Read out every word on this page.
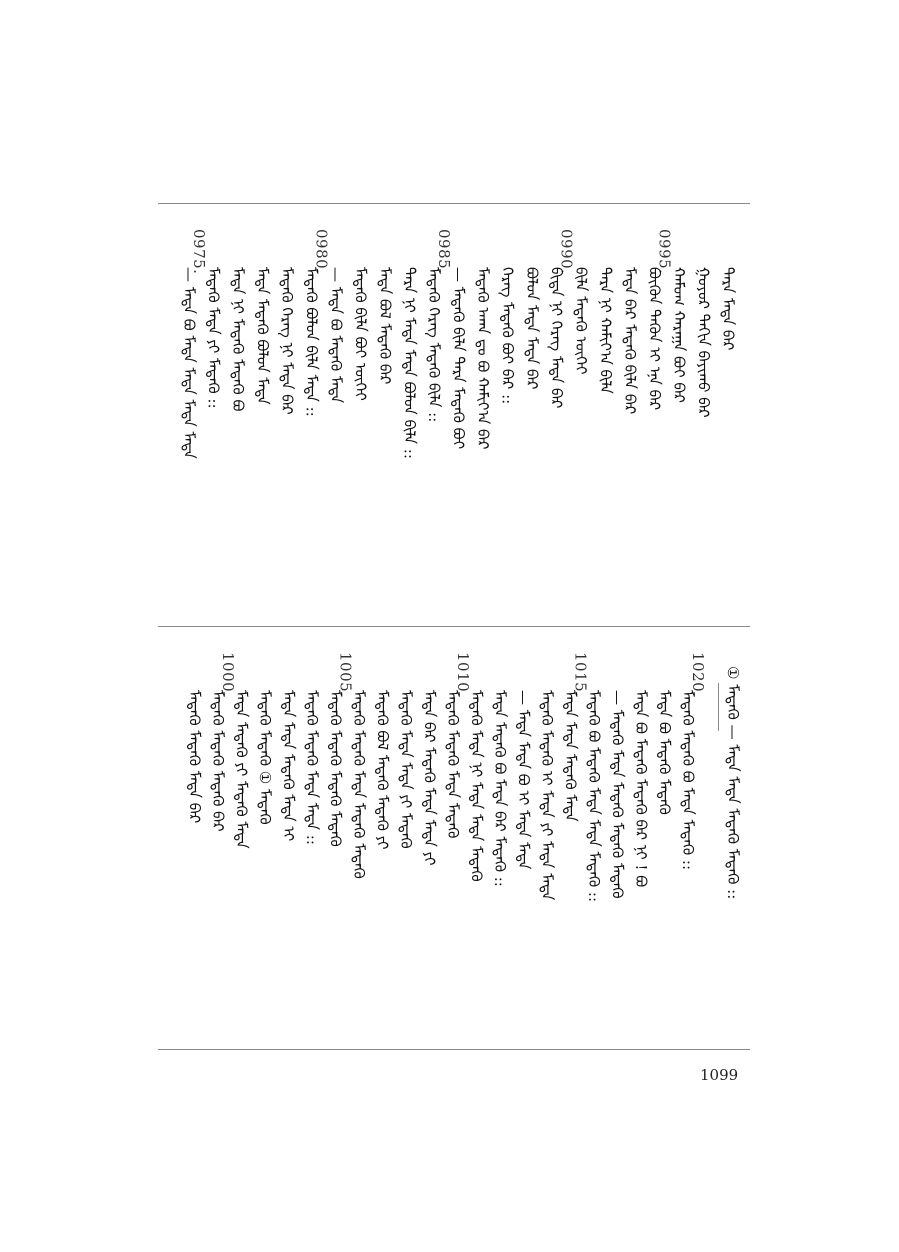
ᠲᠡᠷᠡ ᠮᠡᠳᠡ ᠪᠠᠷ
ᠭᠤᠶᠤᠷ ᠳᠠᠬᠢᠨ ᠪᠠᠶᠢᠬᠤ ᠪᠠᠷ
ᠬᠠᠮᠤᠭ ᠬᠠᠷᠠᠭᠠ ᠪᠤᠢ ᠪᠠᠷ
0995.
ᠪᠦᠬᠦᠨ ᠲᠡᠭᠦᠨ ᠢ ᠡᠨᠡ ᠪᠡᠷ
ᠮᠡᠳᠡ ᠪᠡᠷ ᠮᠡᠳᠡᠬᠦ ᠪᠢᠯᠡ ᠪᠠᠷ
ᠲᠡᠷᠡ ᠨᠢ ᠬᠠᠮᠢᠶ᠎ᠠ ᠪᠢᠯᠡ
ᠪᠢᠯᠡ ᠮᠡᠳᠡᠬᠦ ᠦᠭᠡᠢ
0990.
ᠪᠢᠳᠡ ᠨᠢ ᠬᠡᠷᠡᠭ ᠮᠡᠳᠡ ᠪᠠᠷ
ᠪᠤᠯᠤᠨ ᠮᠡᠳᠡ ᠮᠡᠳᠡ ᠪᠠᠷ
ᠬᠡᠷᠡᠭ ᠮᠡᠳᠡᠬᠦ ᠪᠤᠢ ᠪᠡᠷ ::
ᠮᠡᠳᠡᠬᠦ ᠠᠬᠠ ᠳᠤ ᠪᠤ ᠬᠠᠮᠢᠶ᠎ᠠ ᠪᠠᠷ
— ᠮᠡᠳᠡᠬᠦ ᠪᠢᠯᠡ ᠲᠡᠷᠡ ᠮᠡᠳᠡᠬᠦ ᠪᠤᠢ
0985.
ᠮᠡᠳᠡᠬᠦ ᠬᠡᠷᠡᠭ ᠮᠡᠳᠡᠬᠦ ᠪᠢᠯᠡ ::
ᠲᠡᠷᠡ ᠨᠢ ᠮᠡᠳᠡ ᠮᠡᠳᠡ ᠪᠤᠯᠤᠨ ᠪᠢᠯᠡ ::
ᠮᠡᠳᠡ ᠪᠤᠯ ᠮᠡᠳᠡᠬᠦ ᠪᠠᠷ
ᠮᠡᠳᠡᠬᠦ ᠪᠢᠯᠡ ᠪᠤᠢ ᠦᠭᠡᠢ
— ᠮᠡᠳᠡ ᠪᠤ ᠮᠡᠳᠡᠬᠦ ᠮᠡᠳᠡ
0980.
ᠮᠡᠳᠡᠬᠦ ᠪᠤᠯᠤᠨ ᠪᠢᠯᠡ ᠮᠡᠳᠡ ::
ᠮᠡᠳᠡᠬᠦ ᠬᠡᠷᠡᠭ ᠨᠢ ᠮᠡᠳᠡ ᠪᠠᠷ
ᠮᠡᠳᠡ ᠮᠡᠳᠡᠬᠦ ᠪᠤᠯᠤᠨ ᠮᠡᠳᠡ
ᠮᠡᠳᠡ ᠨᠢ ᠮᠡᠳᠡᠬᠦ ᠮᠡᠳᠡᠬᠦ ᠪᠤ
ᠮᠡᠳᠡᠬᠦ ᠮᠡᠳᠡ ᠶᠢ ᠮᠡᠳᠡᠬᠦ ::
0975.
— ᠮᠡᠳᠡ ᠪᠤ ᠮᠡᠳᠡ ᠮᠡᠳᠡ ᠮᠡᠳᠡ ᠮᠡᠳᠡ
1020.
ᠮᠡᠳᠡᠬᠦ ᠮᠡᠳᠡᠬᠦ ᠪᠤ ᠮᠡᠳᠡ ᠮᠡᠳᠡᠬᠦ ::
ᠮᠡᠳᠡ ᠪᠤ ᠮᠡᠳᠡᠬᠦ ᠮᠡᠳᠡᠬᠦ
ᠮᠡᠳᠡ ᠪᠤ ᠮᠡᠳᠡᠬᠦ ᠮᠡᠳᠡᠬᠦ ᠪᠠᠷ ᠨᠢ ! ᠪᠤ
— ᠮᠡᠳᠡᠬᠦ ᠮᠡᠳᠡ ᠮᠡᠳᠡᠬᠦ ᠮᠡᠳᠡᠬᠦ ᠮᠡᠳᠡᠬᠦ
ᠮᠡᠳᠡᠬᠦ ᠪᠤ ᠮᠡᠳᠡᠬᠦ ᠮᠡᠳᠡ ᠮᠡᠳᠡ ᠮᠡᠳᠡᠬᠦ ::
1015.
ᠮᠡᠳᠡ ᠮᠡᠳᠡ ᠮᠡᠳᠡᠬᠦ ᠮᠡᠳᠡ
ᠮᠡᠳᠡᠬᠦ ᠮᠡᠳᠡᠬᠦ ᠢ ᠮᠡᠳᠡ ᠶᠢ ᠮᠡᠳᠡ ᠮᠡᠳᠡ
— ᠮᠡᠳᠡ ᠮᠡᠳᠡ ᠪᠤ ᠢ ᠮᠡᠳᠡ ᠮᠡᠳᠡ
ᠮᠡᠳᠡ ᠮᠡᠳᠡᠬᠦ ᠪᠤ ᠮᠡᠳᠡ ᠪᠠᠷ ᠮᠡᠳᠡᠬᠦ ::
ᠮᠡᠳᠡᠬᠦ ᠮᠡᠳᠡ ᠨᠢ ᠮᠡᠳᠡ ᠮᠡᠳᠡ ᠮᠡᠳᠡᠬᠦ
1010.
ᠮᠡᠳᠡᠬᠦ ᠮᠡᠳᠡᠬᠦ ᠮᠡᠳᠡ ᠮᠡᠳᠡᠬᠦ
ᠮᠡᠳᠡ ᠪᠠᠷ ᠮᠡᠳᠡᠬᠦ ᠮᠡᠳᠡ ᠮᠡᠳᠡ ᠶᠢ
ᠮᠡᠳᠡᠬᠦ ᠮᠡᠳᠡ ᠮᠡᠳᠡ ᠶᠢ ᠮᠡᠳᠡᠬᠦ
ᠮᠡᠳᠡᠬᠦ ᠪᠤᠯ ᠮᠡᠳᠡᠬᠦ ᠮᠡᠳᠡᠬᠦ ᠶᠢ
ᠮᠡᠳᠡᠬᠦ ᠮᠡᠳᠡᠬᠦ ᠮᠡᠳᠡ ᠮᠡᠳᠡᠬᠦ ᠮᠡᠳᠡᠬᠦ
1005.
ᠮᠡᠳᠡᠬᠦ ᠮᠡᠳᠡᠬᠦ ᠮᠡᠳᠡᠬᠦ ᠮᠡᠳᠡᠬᠦ
ᠮᠡᠳᠡᠬᠦ ᠮᠡᠳᠡᠬᠦ ᠮᠡᠳᠡ ᠮᠡᠳᠡ ::
ᠮᠡᠳᠡ ᠮᠡᠳᠡ ᠮᠡᠳᠡᠬᠦ ᠮᠡᠳᠡ ᠢ
ᠮᠡᠳᠡᠬᠦ ᠮᠡᠳᠡᠬᠦ ① ᠮᠡᠳᠡᠬᠦ
ᠮᠡᠳᠡ ᠮᠡᠳᠡᠬᠦ ᠶᠢ ᠮᠡᠳᠡᠬᠦ ᠮᠡᠳᠡ
1000.
ᠮᠡᠳᠡᠬᠦ ᠮᠡᠳᠡᠬᠦ ᠮᠡᠳᠡᠬᠦ ᠪᠠᠷ
ᠮᠡᠳᠡᠬᠦ ᠮᠡᠳᠡᠬᠦ ᠮᠡᠳᠡ ᠪᠠᠷ	① ᠮᠡᠳᠡᠬᠦ — ᠮᠡᠳᠡ ᠮᠡᠳᠡ ᠮᠡᠳᠡᠬᠦ ᠮᠡᠳᠡᠬᠦ ::
1099
